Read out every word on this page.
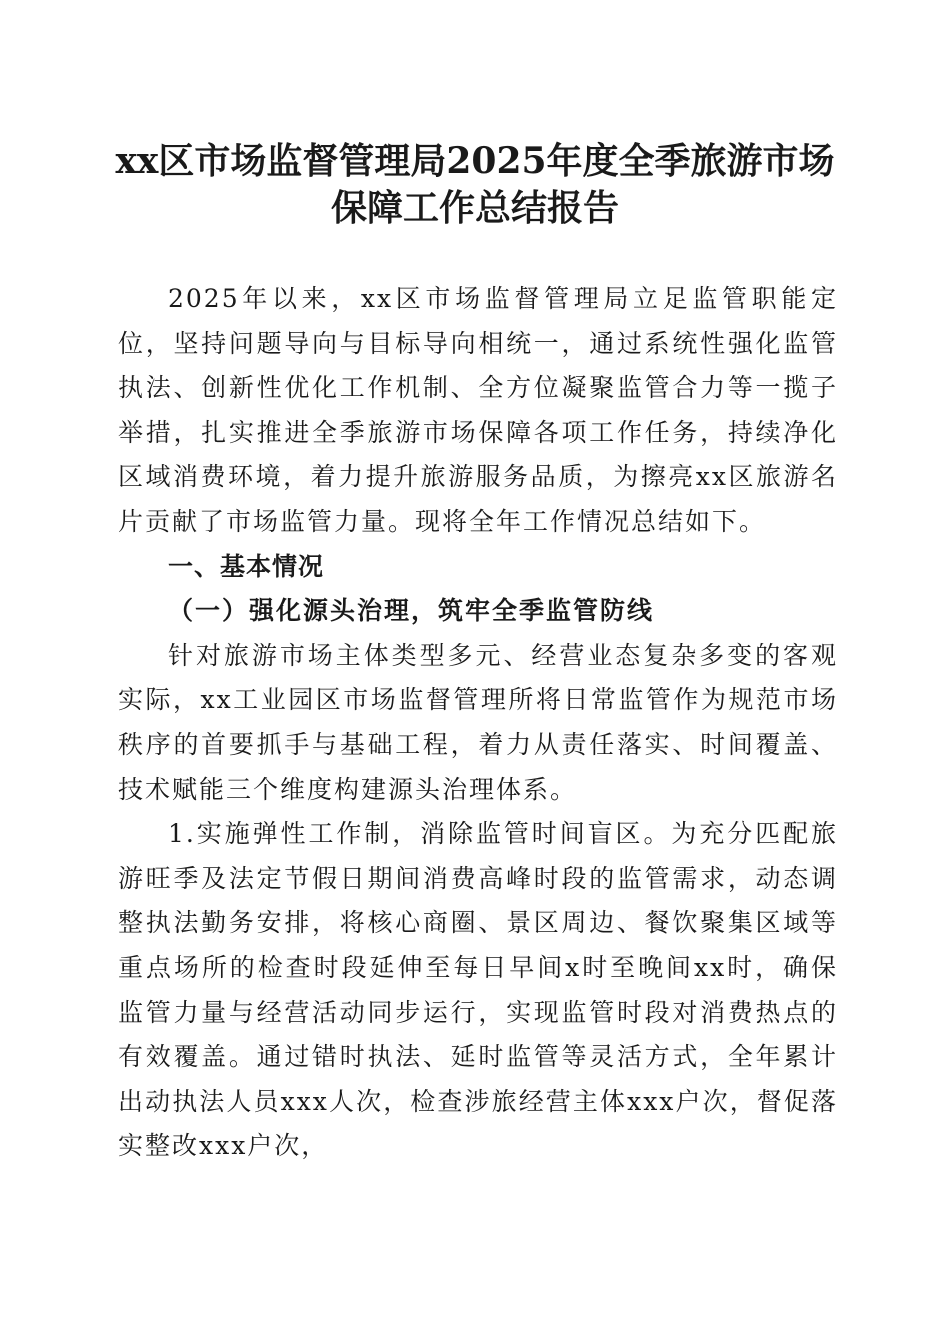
xx区市场监督管理局2025年度全季旅游市场
保障工作总结报告

2025年以来，xx区市场监督管理局立足监管职能定位，坚持问题导向与目标导向相统一，通过系统性强化监管执法、创新性优化工作机制、全方位凝聚监管合力等一揽子举措，扎实推进全季旅游市场保障各项工作任务，持续净化区域消费环境，着力提升旅游服务品质，为擦亮xx区旅游名片贡献了市场监管力量。现将全年工作情况总结如下。

一、基本情况

（一）强化源头治理，筑牢全季监管防线

针对旅游市场主体类型多元、经营业态复杂多变的客观实际，xx工业园区市场监督管理所将日常监管作为规范市场秩序的首要抓手与基础工程，着力从责任落实、时间覆盖、技术赋能三个维度构建源头治理体系。

1.实施弹性工作制，消除监管时间盲区。为充分匹配旅游旺季及法定节假日期间消费高峰时段的监管需求，动态调整执法勤务安排，将核心商圈、景区周边、餐饮聚集区域等重点场所的检查时段延伸至每日早间x时至晚间xx时，确保监管力量与经营活动同步运行，实现监管时段对消费热点的有效覆盖。通过错时执法、延时监管等灵活方式，全年累计出动执法人员xxx人次，检查涉旅经营主体xxx户次，督促落实整改xxx户次，
